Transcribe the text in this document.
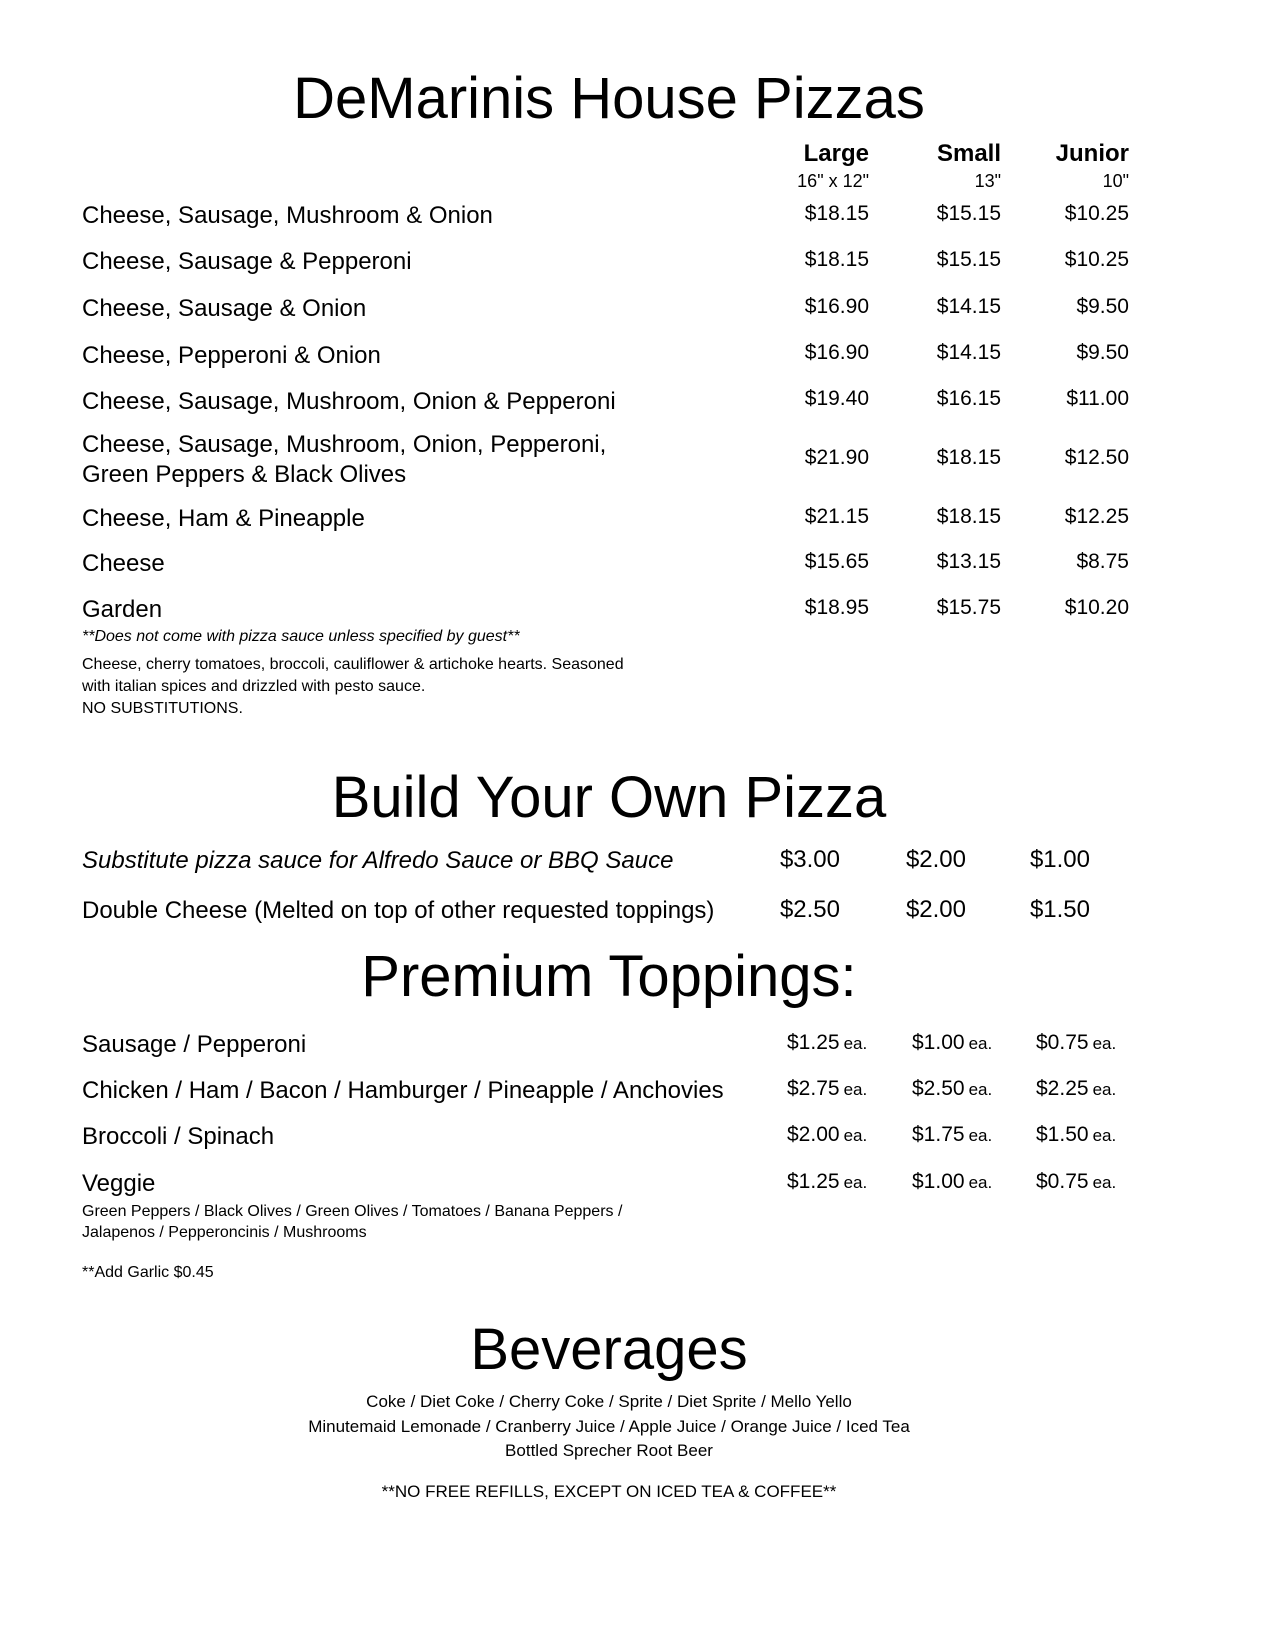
DeMarinis House Pizzas
Large	Small	Junior
16" x 12"	13"	10"
Cheese, Sausage, Mushroom & Onion	$18.15	$15.15	$10.25
Cheese, Sausage & Pepperoni	$18.15	$15.15	$10.25
Cheese, Sausage & Onion	$16.90	$14.15	$9.50
Cheese, Pepperoni & Onion	$16.90	$14.15	$9.50
Cheese, Sausage, Mushroom, Onion & Pepperoni	$19.40	$16.15	$11.00
Cheese, Sausage, Mushroom, Onion, Pepperoni,
Green Peppers & Black Olives
$21.90	$18.15	$12.50
Cheese, Ham & Pineapple	$21.15	$18.15	$12.25
Cheese	$15.65	$13.15	$8.75
Garden	$18.95	$15.75	$10.20
**Does not come with pizza sauce unless specified by guest**
Cheese, cherry tomatoes, broccoli, cauliflower & artichoke hearts. Seasoned
with italian spices and drizzled with pesto sauce.
NO SUBSTITUTIONS.
Build Your Own Pizza
Substitute pizza sauce for Alfredo Sauce or BBQ Sauce	$3.00	$2.00	$1.00
Double Cheese (Melted on top of other requested toppings)	$2.50	$2.00	$1.50
Premium Toppings:
Sausage / Pepperoni	$1.25 ea. $1.00 ea. $0.75 ea.
Chicken / Ham / Bacon / Hamburger / Pineapple / Anchovies	$2.75 ea. $2.50 ea. $2.25 ea.
Broccoli / Spinach	$2.00 ea. $1.75 ea. $1.50 ea.
Veggie	$1.25 ea. $1.00 ea. $0.75 ea.
Green Peppers / Black Olives / Green Olives / Tomatoes / Banana Peppers /
Jalapenos / Pepperoncinis / Mushrooms
**Add Garlic $0.45
Beverages
Coke / Diet Coke / Cherry Coke / Sprite / Diet Sprite / Mello Yello
Minutemaid Lemonade / Cranberry Juice / Apple Juice / Orange Juice / Iced Tea
Bottled Sprecher Root Beer
**NO FREE REFILLS, EXCEPT ON ICED TEA & COFFEE**
